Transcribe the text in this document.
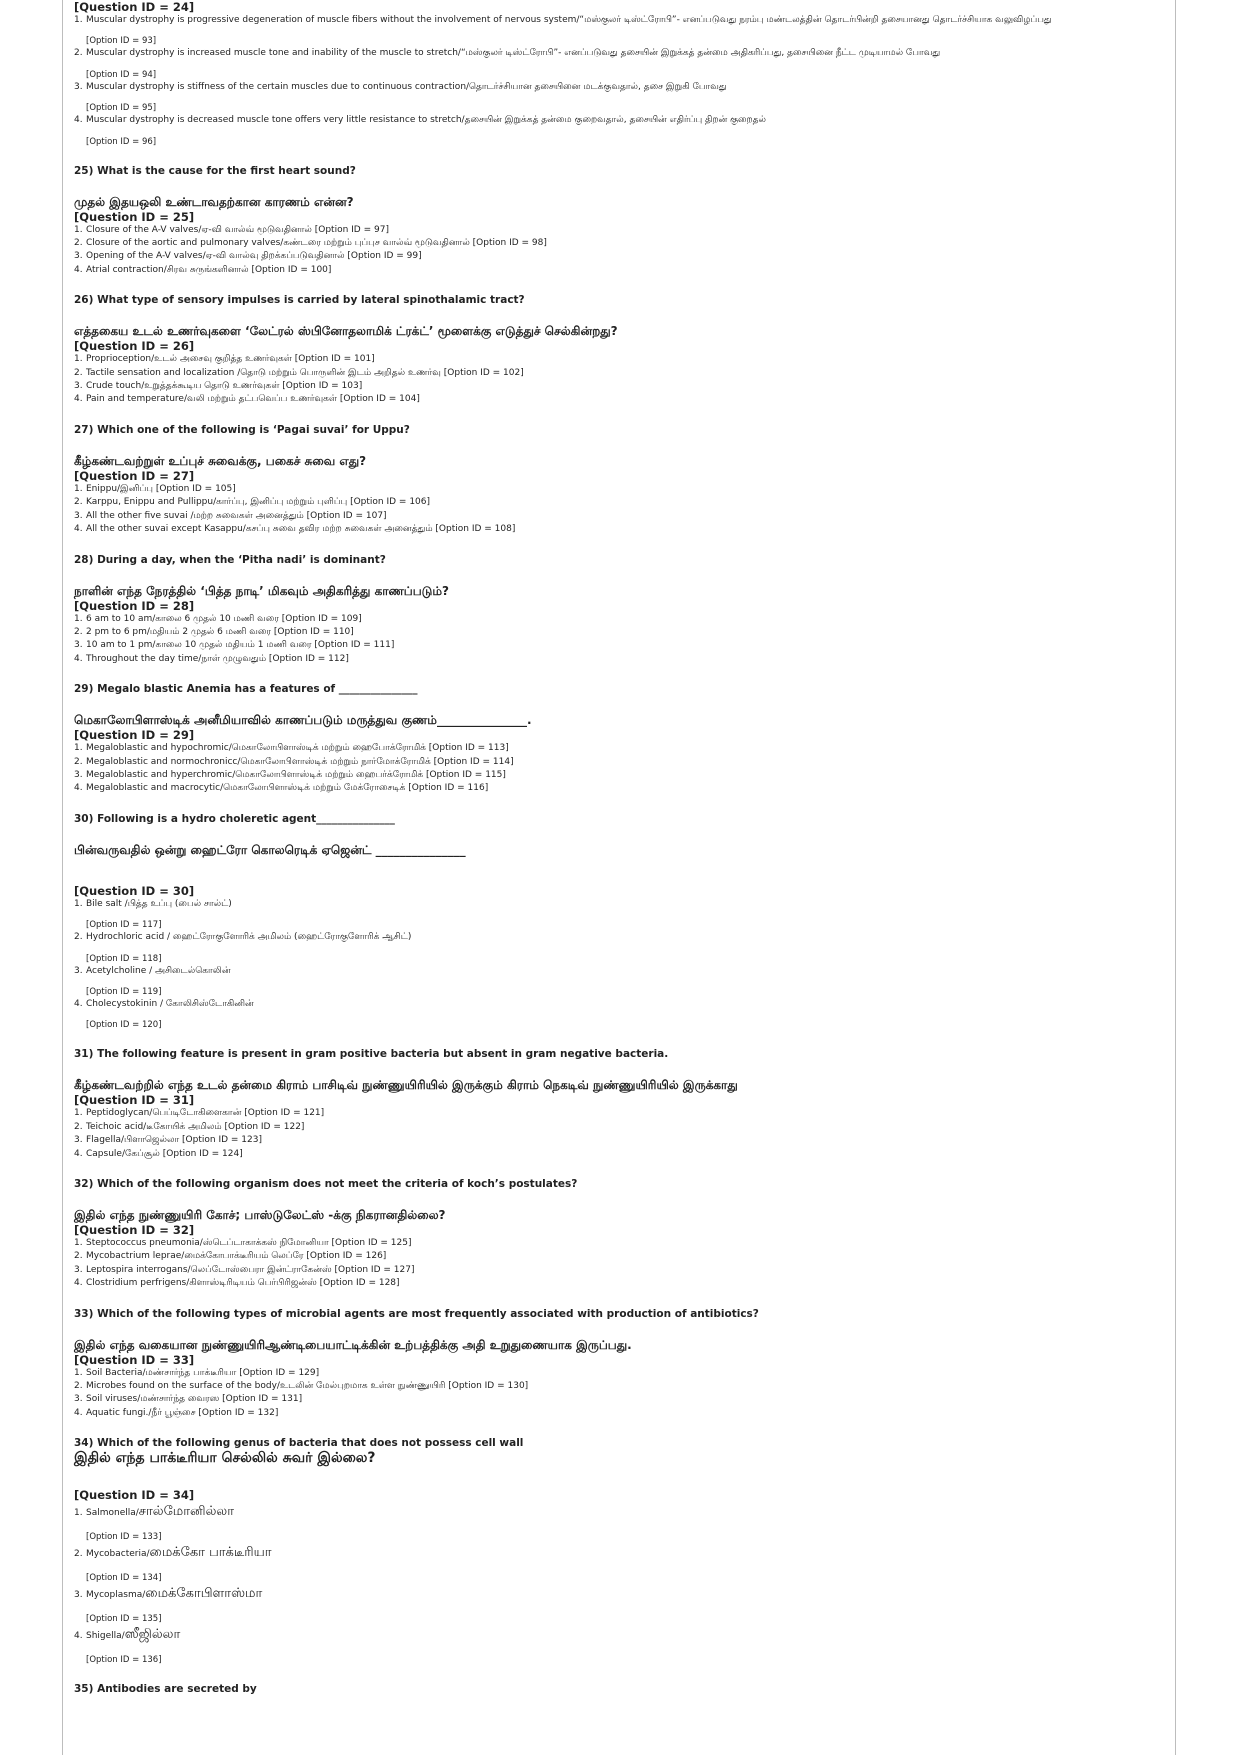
[Question ID = 24]
1. Muscular dystrophy is progressive degeneration of muscle fibers without the involvement of nervous system/“மஸ்குலர் டிஸ்ட்ரோபி”- எனப்படுவது நரம்பு மண்டலத்தின் தொடர்பின்றி தசையானது தொடர்ச்சியாக வலுவிழப்பது
[Option ID = 93]
2. Muscular dystrophy is increased muscle tone and inability of the muscle to stretch/“மஸ்குலர் டிஸ்ட்ரோபி”- எனப்படுவது தசையின் இறுக்கத் தன்மை அதிகரிப்பது, தசையினை நீட்ட முடியாமல் போவது
[Option ID = 94]
3. Muscular dystrophy is stiffness of the certain muscles due to continuous contraction/தொடர்ச்சியான தசையினை மடக்குவதால், தசை இறுகி போவது
[Option ID = 95]
4. Muscular dystrophy is decreased muscle tone offers very little resistance to stretch/தசையின் இறுக்கத் தன்மை குறைவதால், தசையின் எதிர்ப்பு திறன் குறைதல்
[Option ID = 96]
25) What is the cause for the first heart sound?
முதல் இதயஒலி உண்டாவதற்கான காரணம் என்ன?
[Question ID = 25]
1. Closure of the A-V valves/ஏ-வி வால்வ் மூடுவதினால் [Option ID = 97]
2. Closure of the aortic and pulmonary valves/கண்டரை மற்றும் புப்புச வால்வ் மூடுவதினால் [Option ID = 98]
3. Opening of the A-V valves/ஏ-வி வால்வு திறக்கப்படுவதினால் [Option ID = 99]
4. Atrial contraction/சிரவ சுருங்களினால் [Option ID = 100]
26) What type of sensory impulses is carried by lateral spinothalamic tract?
எத்தகைய உடல் உணர்வுகளை ‘லேட்ரல் ஸ்பினோதலாமிக் ட்ரக்ட்’ மூளைக்கு எடுத்துச் செல்கின்றது?
[Question ID = 26]
1. Proprioception/உடல் அசைவு குறித்த உணர்வுகள் [Option ID = 101]
2. Tactile sensation and localization /தொடு மற்றும் பொருளின் இடம் அறிதல் உணர்வு [Option ID = 102]
3. Crude touch/உறுத்தக்கூடிய தொடு உணர்வுகள் [Option ID = 103]
4. Pain and temperature/வலி மற்றும் தட்பவெப்ப உணர்வுகள் [Option ID = 104]
27) Which one of the following is ‘Pagai suvai’ for Uppu?
கீழ்கண்டவற்றுள் உப்புச் சுவைக்கு, பகைச் சுவை எது?
[Question ID = 27]
1. Enippu/இனிப்பு [Option ID = 105]
2. Karppu, Enippu and Pullippu/கார்ப்பு, இனிப்பு மற்றும் புளிப்பு [Option ID = 106]
3. All the other five suvai /மற்ற சுவைகள் அனைத்தும் [Option ID = 107]
4. All the other suvai except Kasappu/கசப்பு சுவை தவிர மற்ற சுவைகள் அனைத்தும் [Option ID = 108]
28) During a day, when the ‘Pitha nadi’ is dominant?
நாளின் எந்த நேரத்தில் ‘பித்த நாடி’ மிகவும் அதிகரித்து காணப்படும்?
[Question ID = 28]
1. 6 am to 10 am/காலை 6 முதல் 10 மணி வரை [Option ID = 109]
2. 2 pm to 6 pm/மதியம் 2 முதல் 6 மணி வரை [Option ID = 110]
3. 10 am to 1 pm/காலை 10 முதல் மதியம் 1 மணி வரை [Option ID = 111]
4. Throughout the day time/நாள் முழுவதும் [Option ID = 112]
29) Megalo blastic Anemia has a features of _______________
மெகாலோபிளாஸ்டிக் அனீமியாவில் காணப்படும் மருத்துவ குணம்_______________.
[Question ID = 29]
1. Megaloblastic and hypochromic/மெகாலோபிளாஸ்டிக் மற்றும் ஹைபோக்ரோமிக் [Option ID = 113]
2. Megaloblastic and normochronicc/மெகாலோபிளாஸ்டிக் மற்றும் நார்மோக்ரோமிக் [Option ID = 114]
3. Megaloblastic and hyperchromic/மெகாலோபிளாஸ்டிக் மற்றும் ஹைபர்க்ரோமிக் [Option ID = 115]
4. Megaloblastic and macrocytic/மெகாலோபிளாஸ்டிக் மற்றும் மேக்ரோசைடிக் [Option ID = 116]
30) Following is a hydro choleretic agent_______________
பின்வருவதில் ஒன்று ஹைட்ரோ கொலரெடிக் ஏஜென்ட் _______________
[Question ID = 30]
1. Bile salt /பித்த உப்பு (பைல் சால்ட்)
[Option ID = 117]
2. Hydrochloric acid / ஹைட்ரோகுளோரிக் அமிலம் (ஹைட்ரோகுளோரிக் ஆசிட்)
[Option ID = 118]
3. Acetylcholine / அசிடைல்கொலின்
[Option ID = 119]
4. Cholecystokinin / கோலிசிஸ்டோகினின்
[Option ID = 120]
31) The following feature is present in gram positive bacteria but absent in gram negative bacteria.
கீழ்கண்டவற்றில் எந்த உடல் தன்மை கிராம் பாசிடிவ் நுண்ணுயிரியில் இருக்கும் கிராம் நெகடிவ் நுண்ணுயிரியில் இருக்காது
[Question ID = 31]
1. Peptidoglycan/பெப்டிடோகிளைகான் [Option ID = 121]
2. Teichoic acid/டீகோயிக் அமிலம் [Option ID = 122]
3. Flagella/பிளாஜெல்லா [Option ID = 123]
4. Capsule/கேப்சூல் [Option ID = 124]
32) Which of the following organism does not meet the criteria of koch’s postulates?
இதில் எந்த நுண்ணுயிரி கோச்; பாஸ்டுலேட்ஸ் -க்கு நிகரானதில்லை?
[Question ID = 32]
1. Steptococcus pneumonia/ஸ்டெப்டாகாக்கஸ் நிமோனியா [Option ID = 125]
2. Mycobactrium leprae/மைக்கோபாக்டீரியம் லெப்ரே [Option ID = 126]
3. Leptospira interrogans/லெப்டோஸ்பைரா இன்ட்ராகேன்ஸ் [Option ID = 127]
4. Clostridium perfrigens/கிளாஸ்டிரிடியம் பெர்பிரிஜன்ஸ் [Option ID = 128]
33) Which of the following types of microbial agents are most frequently associated with production of antibiotics?
இதில் எந்த வகையான நுண்ணுயிரிஆண்டிபையாட்டிக்கின் உற்பத்திக்கு அதி உறுதுணையாக இருப்பது.
[Question ID = 33]
1. Soil Bacteria/மண்சார்ந்த பாக்டீரியா [Option ID = 129]
2. Microbes found on the surface of the body/உடலின் மேல்புறமாக உள்ள நுண்ணுயிரி [Option ID = 130]
3. Soil viruses/மண்சார்ந்த வைரஸ [Option ID = 131]
4. Aquatic fungi./நீர் பூஞ்சை [Option ID = 132]
34) Which of the following genus of bacteria that does not possess cell wall
இதில் எந்த பாக்டீரியா செல்லில் சுவர் இல்லை?
[Question ID = 34]
1. Salmonella/சால்மோனில்லா
[Option ID = 133]
2. Mycobacteria/மைக்கோ பாக்டீரியா
[Option ID = 134]
3. Mycoplasma/மைக்கோபிளாஸ்மா
[Option ID = 135]
4. Shigella/ஸீஜில்லா
[Option ID = 136]
35) Antibodies are secreted by
